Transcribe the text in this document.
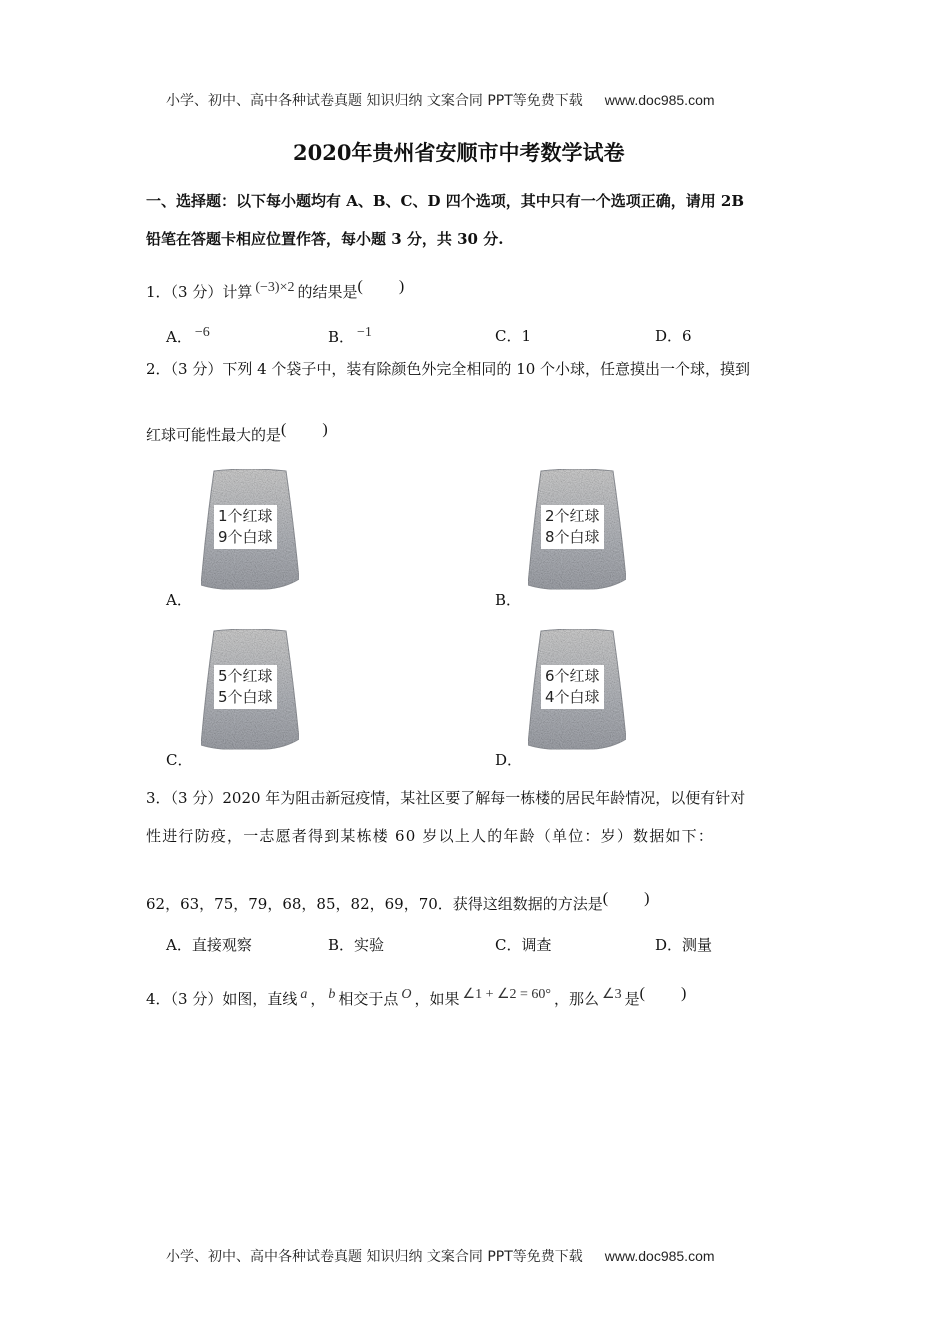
小学、初中、高中各种试卷真题 知识归纳 文案合同 PPT等免费下载 www.doc985.com
2020年贵州省安顺市中考数学试卷
一、选择题：以下每小题均有 A、B、C、D 四个选项，其中只有一个选项正确，请用 2B
铅笔在答题卡相应位置作答，每小题 3 分，共 30 分.
1．（3 分）计算 (−3)×2 的结果是( )
A． −6	B． −1	C．1	D．6
2．（3 分）下列 4 个袋子中，装有除颜色外完全相同的 10 个小球，任意摸出一个球，摸到
红球可能性最大的是( )
1个红球
9个白球
A．
2个红球
8个白球
B．
5个红球
5个白球
C．
6个红球
4个白球
D．
3．（3 分）2020 年为阻击新冠疫情，某社区要了解每一栋楼的居民年龄情况，以便有针对
性进行防疫，一志愿者得到某栋楼 60 岁以上人的年龄（单位：岁）数据如下：
62，63，75，79，68，85，82，69，70．获得这组数据的方法是( )
A．直接观察	B．实验	C．调查	D．测量
4．（3 分）如图，直线 a ， b 相交于点 O ，如果 ∠1 + ∠2 = 60° ，那么 ∠3 是( )
小学、初中、高中各种试卷真题 知识归纳 文案合同 PPT等免费下载 www.doc985.com
